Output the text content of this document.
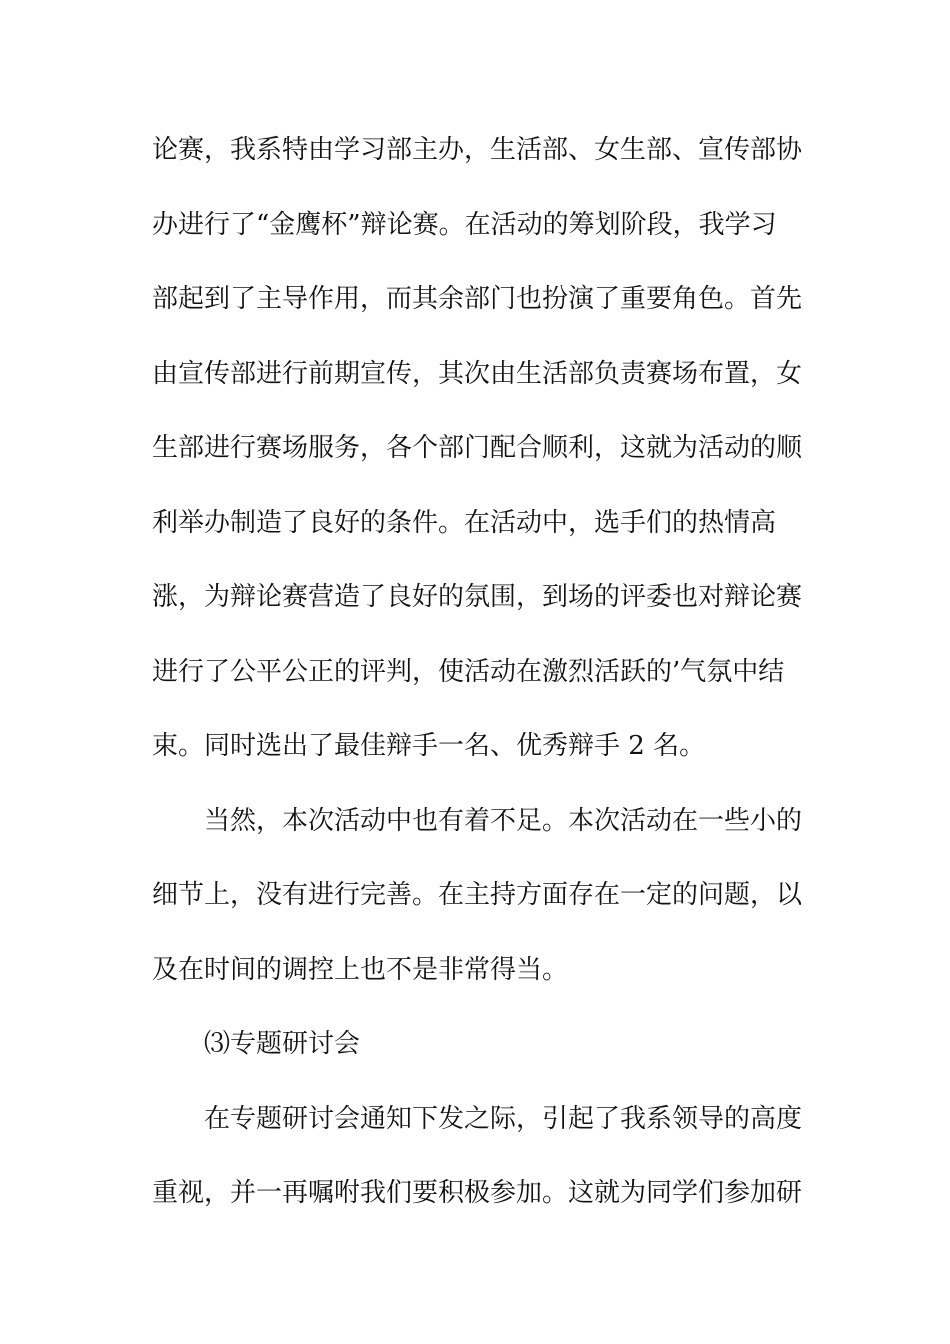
论赛，我系特由学习部主办，生活部、女生部、宣传部协
办进行了“金鹰杯”辩论赛。在活动的筹划阶段，我学习
部起到了主导作用，而其余部门也扮演了重要角色。首先
由宣传部进行前期宣传，其次由生活部负责赛场布置，女
生部进行赛场服务，各个部门配合顺利，这就为活动的顺
利举办制造了良好的条件。在活动中，选手们的热情高
涨，为辩论赛营造了良好的氛围，到场的评委也对辩论赛
进行了公平公正的评判，使活动在激烈活跃的’气氛中结
束。同时选出了最佳辩手一名、优秀辩手 2 名。
当然，本次活动中也有着不足。本次活动在一些小的
细节上，没有进行完善。在主持方面存在一定的问题，以
及在时间的调控上也不是非常得当。
⑶专题研讨会
在专题研讨会通知下发之际，引起了我系领导的高度
重视，并一再嘱咐我们要积极参加。这就为同学们参加研
